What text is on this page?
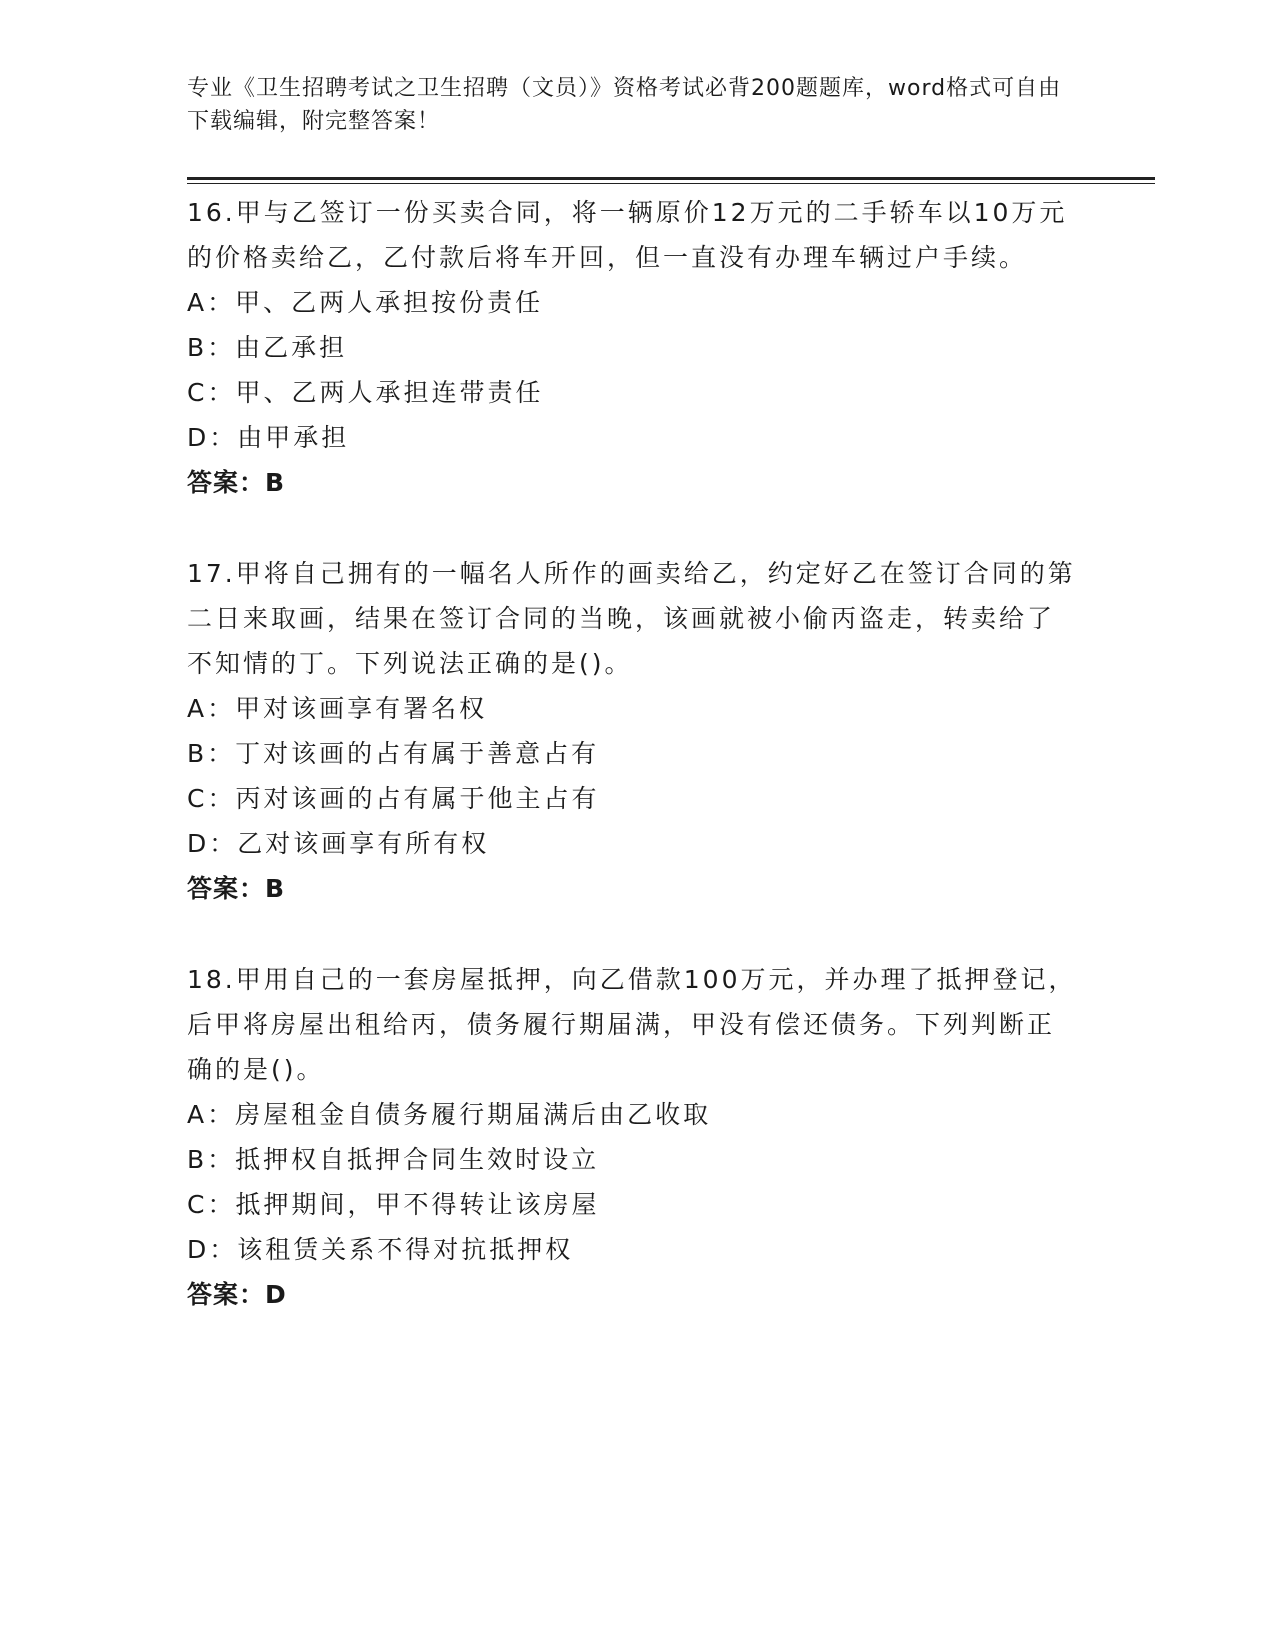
专业《卫生招聘考试之卫生招聘（文员）》资格考试必背200题题库，word格式可自由下载编辑，附完整答案！

16.甲与乙签订一份买卖合同，将一辆原价12万元的二手轿车以10万元的价格卖给乙，乙付款后将车开回，但一直没有办理车辆过户手续。

A：甲、乙两人承担按份责任

B：由乙承担

C：甲、乙两人承担连带责任

D：由甲承担

答案：B

17.甲将自己拥有的一幅名人所作的画卖给乙，约定好乙在签订合同的第二日来取画，结果在签订合同的当晚，该画就被小偷丙盗走，转卖给了不知情的丁。下列说法正确的是()。

A：甲对该画享有署名权

B：丁对该画的占有属于善意占有

C：丙对该画的占有属于他主占有

D：乙对该画享有所有权

答案：B

18.甲用自己的一套房屋抵押，向乙借款100万元，并办理了抵押登记，后甲将房屋出租给丙，债务履行期届满，甲没有偿还债务。下列判断正确的是()。

A：房屋租金自债务履行期届满后由乙收取

B：抵押权自抵押合同生效时设立

C：抵押期间，甲不得转让该房屋

D：该租赁关系不得对抗抵押权

答案：D
